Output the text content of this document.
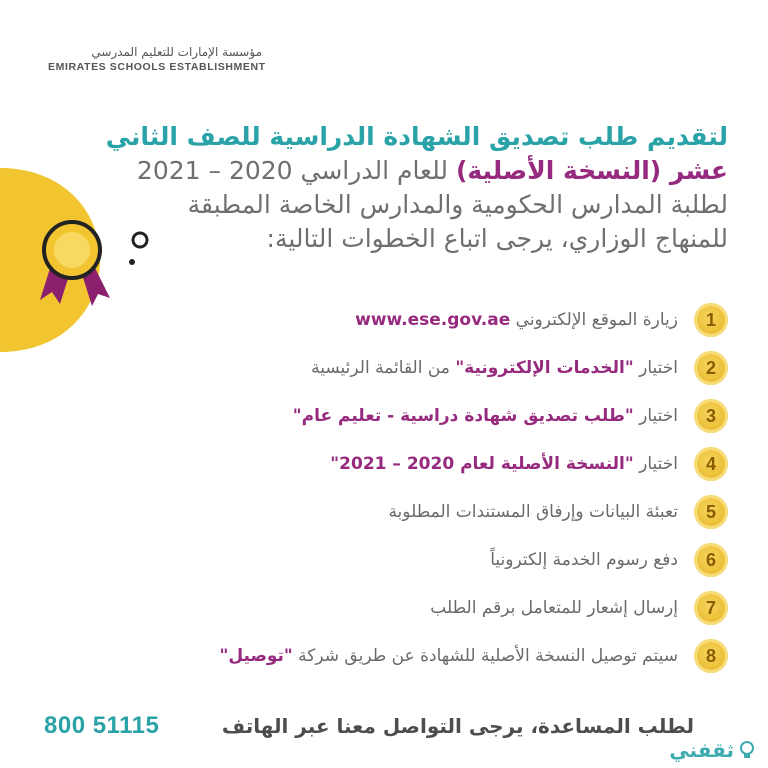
مؤسسة الإمارات للتعليم المدرسي
EMIRATES SCHOOLS ESTABLISHMENT
لتقديم طلب تصديق الشهادة الدراسية للصف الثاني
عشر (النسخة الأصلية) للعام الدراسي 2020 – 2021
لطلبة المدارس الحكومية والمدارس الخاصة المطبقة
للمنهاج الوزاري، يرجى اتباع الخطوات التالية:
1
زيارة الموقع الإلكتروني www.ese.gov.ae
2
اختيار "الخدمات الإلكترونية" من القائمة الرئيسية
3
اختيار "طلب تصديق شهادة دراسية - تعليم عام"
4
اختيار "النسخة الأصلية لعام 2020 – 2021"
5
تعبئة البيانات وإرفاق المستندات المطلوبة
6
دفع رسوم الخدمة إلكترونياً
7
إرسال إشعار للمتعامل برقم الطلب
8
سيتم توصيل النسخة الأصلية للشهادة عن طريق شركة "توصيل"
800 51115	لطلب المساعدة، يرجى التواصل معنا عبر الهاتف
ثقفني
